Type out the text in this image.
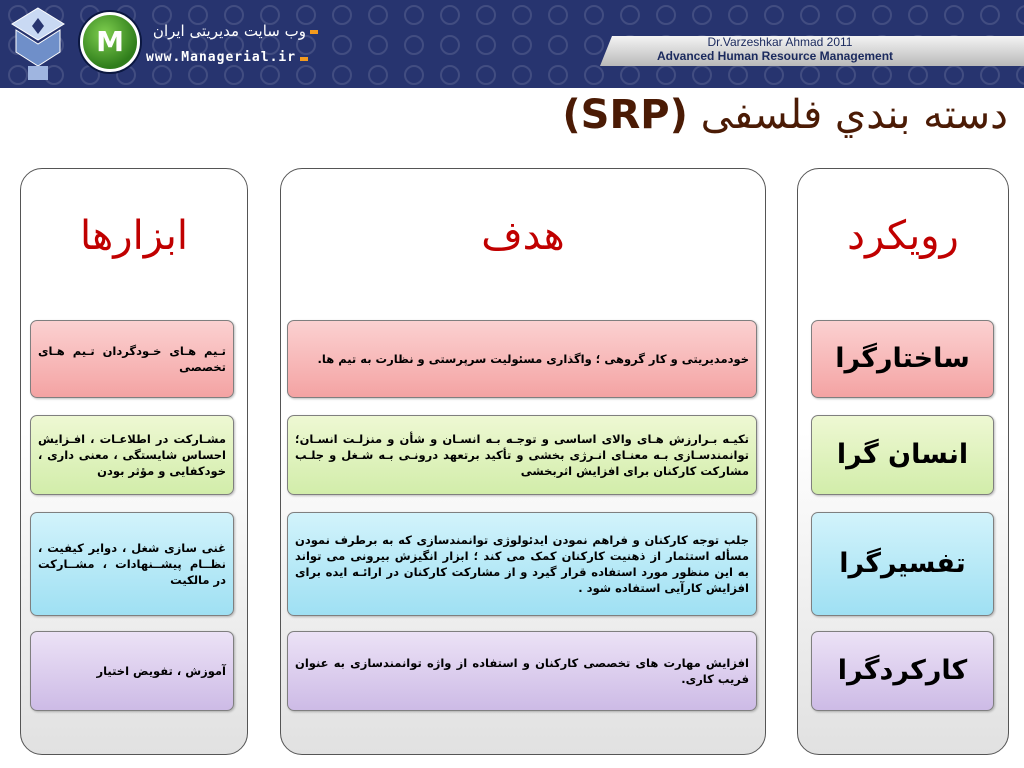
M	وب سایت مدیریتی ایران
www.Managerial.ir
Dr.Varzeshkar Ahmad 2011
Advanced Human Resource Management
دسته بندي فلسفی (SRP)
ابزارها
تـیم هـای خـودگردان تـیم هـای تخصصی
مشـارکت در اطلاعـات ، افـزایش احساس شایستگی ، معنی داری ، خودکفایی و مؤثر بودن
غنی سازی شغل ، دوایر کیفیت ، نظــام پیشــنهادات ، مشــارکت در مالکیت
آموزش ، تفویض اختیار
هدف
خودمدیریتی و کار گروهی ؛ واگذاری مسئولیت سرپرستی و نظارت به تیم ها.
تکیـه بـرارزش هـای والای اساسی و توجـه بـه انسـان و شأن و منزلـت انسـان؛ توانمندسـازی بـه معنـای انـرژی بخشی و تأکید برتعهد درونـی بـه شـغل و جلـب مشارکت کارکنان برای افزایش اثربخشی
جلب توجه کارکنان و فراهم نمودن ایدئولوژی توانمندسازی که به برطرف نمودن مسأله استثمار از ذهنیت کارکنان کمک می کند ؛ ابزار انگیزش بیرونی می تواند به این منظور مورد استفاده قرار گیرد و از مشارکت کارکنان در ارائـه ایده برای افزایش کارآیی استفاده شود .
افزایش مهارت های تخصصی کارکنان و استفاده از واژه توانمندسازی به عنوان فریب کاری.
رویکرد
ساختارگرا
انسان گرا
تفسیرگرا
کارکردگرا
